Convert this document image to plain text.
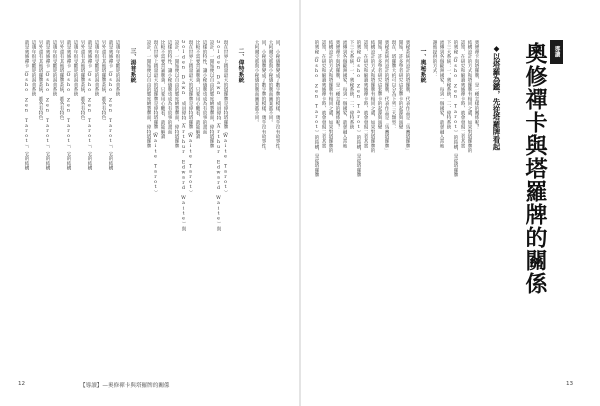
導讀
奧修禪卡與塔羅牌的關係
◆以塔羅為鑑，先從塔羅牌看起
奧修禪卡與塔羅牌，是一種怎樣的關係呢？
結構設計的方式和塔羅牌有相同之處，如果對塔羅牌的
認知，在研究和解讀奧修禪卡時，就會發現二者其實
的奧秘《Osho Zen Tarot》的結構，是從塔羅牌
下三大系統：一、奧秘系統，二、偉特系統
流傳到各個歐洲國家，每到一個國家，就會融入當地
謝他提供的方式：
一、奧秘系統
奧秘系統所設計的塔羅牌，代表作品是「馬賽塔羅牌」
開始，許多學者研究這套牌卡的起源與演變
現在，塔羅牌大約可以分為下列三大類型：
奧秘系統所設計的塔羅牌，代表作品是「馬賽塔羅牌」
開始，許多學者研究這套牌卡的起源與演變
結構設計的方式和塔羅牌有相同之處，如果對塔羅牌的
認知，在研究和解讀奧修禪卡時，就會發現二者其實
的奧秘《Osho Zen Tarot》的結構，是從塔羅牌
下三大系統：一、奧秘系統，二、偉特系統
流傳到各個歐洲國家，每到一個國家，就會融入當地
奧修禪卡與塔羅牌，是一種怎樣的關係呢？
結構設計的方式和塔羅牌有相同之處，如果對塔羅牌的
認知，在研究和解讀奧修禪卡時，就會發現二者其實
的奧秘《Osho Zen Tarot》的結構，是從塔羅牌
同，小秘儀牌變成了數字牌的模樣，幾乎沒有故事性。
大阿爾克那與小秘儀的牌面圖案都不同。
同，小秘儀牌變成了數字牌的模樣，幾乎沒有故事性。
大阿爾克那與小秘儀的牌面圖案都不同。
二、偉特系統
現在世界上銷量最大的塔羅牌是偉特塔羅牌（Waite Tarot）
Golden Dawn 成員偉特（Arthur Edward Waite）與
設計，一開始便以自由的態度繪製牌面，偉特塔羅牌
這樣的特性，讓小秘儀牌也成為有故事的畫面
比較不需要背誦牌義，只要用心觀看，就能解讀
現在世界上銷量最大的塔羅牌是偉特塔羅牌（Waite Tarot）
Golden Dawn 成員偉特（Arthur Edward Waite）與
設計，一開始便以自由的態度繪製牌面，偉特塔羅牌
這樣的特性，讓小秘儀牌也成為有故事的畫面
比較不需要背誦牌義，只要用心觀看，就能解讀
現在世界上銷量最大的塔羅牌是偉特塔羅牌（Waite Tarot）
設計，一開始便以自由的態度繪製牌面，偉特塔羅牌
三、湯普系統
這幾年很受歡迎的湯普系統
就是奧修禪卡（Osho Zen Tarot），它的結構
另外還有其他塔羅牌系統，都各有特色
這幾年很受歡迎的湯普系統
就是奧修禪卡（Osho Zen Tarot），它的結構
另外還有其他塔羅牌系統，都各有特色
這幾年很受歡迎的湯普系統
就是奧修禪卡（Osho Zen Tarot），它的結構
另外還有其他塔羅牌系統，都各有特色
這幾年很受歡迎的湯普系統
就是奧修禪卡（Osho Zen Tarot），它的結構
另外還有其他塔羅牌系統，都各有特色
這幾年很受歡迎的湯普系統
就是奧修禪卡（Osho Zen Tarot），它的結構
12	【導讀】—奧修禪卡與塔羅牌的關係	13
